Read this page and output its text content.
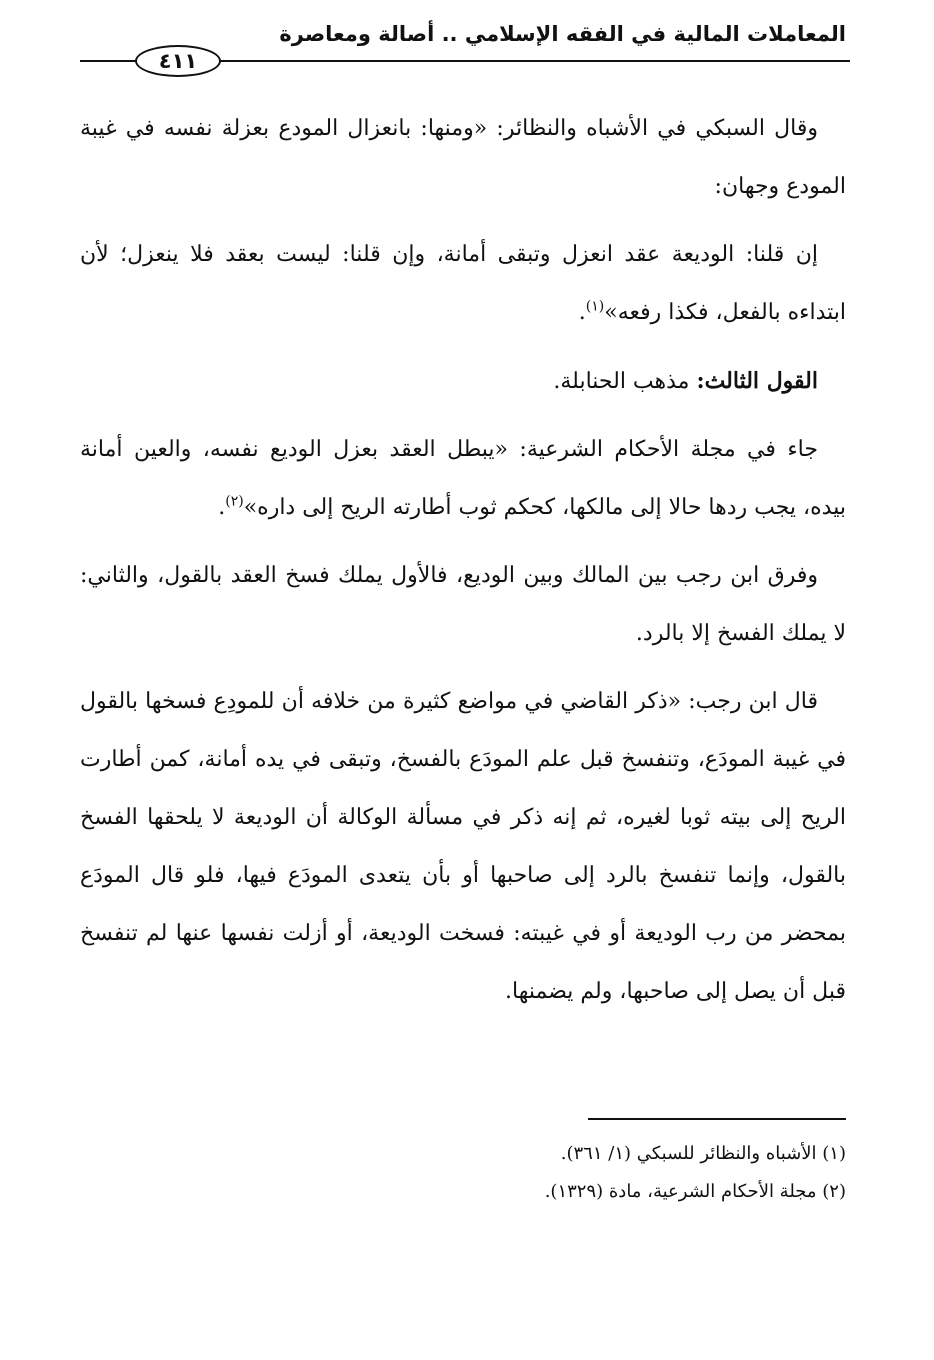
المعاملات المالية في الفقه الإسلامي .. أصالة ومعاصرة
٤١١

وقال السبكي في الأشباه والنظائر: «ومنها: بانعزال المودع بعزلة نفسه في غيبة المودع وجهان:

إن قلنا: الوديعة عقد انعزل وتبقى أمانة، وإن قلنا: ليست بعقد فلا ينعزل؛ لأن ابتداءه بالفعل، فكذا رفعه»$^{(١)}$.

القول الثالث: مذهب الحنابلة.

جاء في مجلة الأحكام الشرعية: «يبطل العقد بعزل الوديع نفسه، والعين أمانة بيده، يجب ردها حالا إلى مالكها، كحكم ثوب أطارته الريح إلى داره»$^{(٢)}$.

وفرق ابن رجب بين المالك وبين الوديع، فالأول يملك فسخ العقد بالقول، والثاني: لا يملك الفسخ إلا بالرد.

قال ابن رجب: «ذكر القاضي في مواضع كثيرة من خلافه أن للمودِع فسخها بالقول في غيبة المودَع، وتنفسخ قبل علم المودَع بالفسخ، وتبقى في يده أمانة، كمن أطارت الريح إلى بيته ثوبا لغيره، ثم إنه ذكر في مسألة الوكالة أن الوديعة لا يلحقها الفسخ بالقول، وإنما تنفسخ بالرد إلى صاحبها أو بأن يتعدى المودَع فيها، فلو قال المودَع بمحضر من رب الوديعة أو في غيبته: فسخت الوديعة، أو أزلت نفسها عنها لم تنفسخ قبل أن يصل إلى صاحبها، ولم يضمنها.

(١) الأشباه والنظائر للسبكي (١/ ٣٦١).
(٢) مجلة الأحكام الشرعية، مادة (١٣٢٩).
